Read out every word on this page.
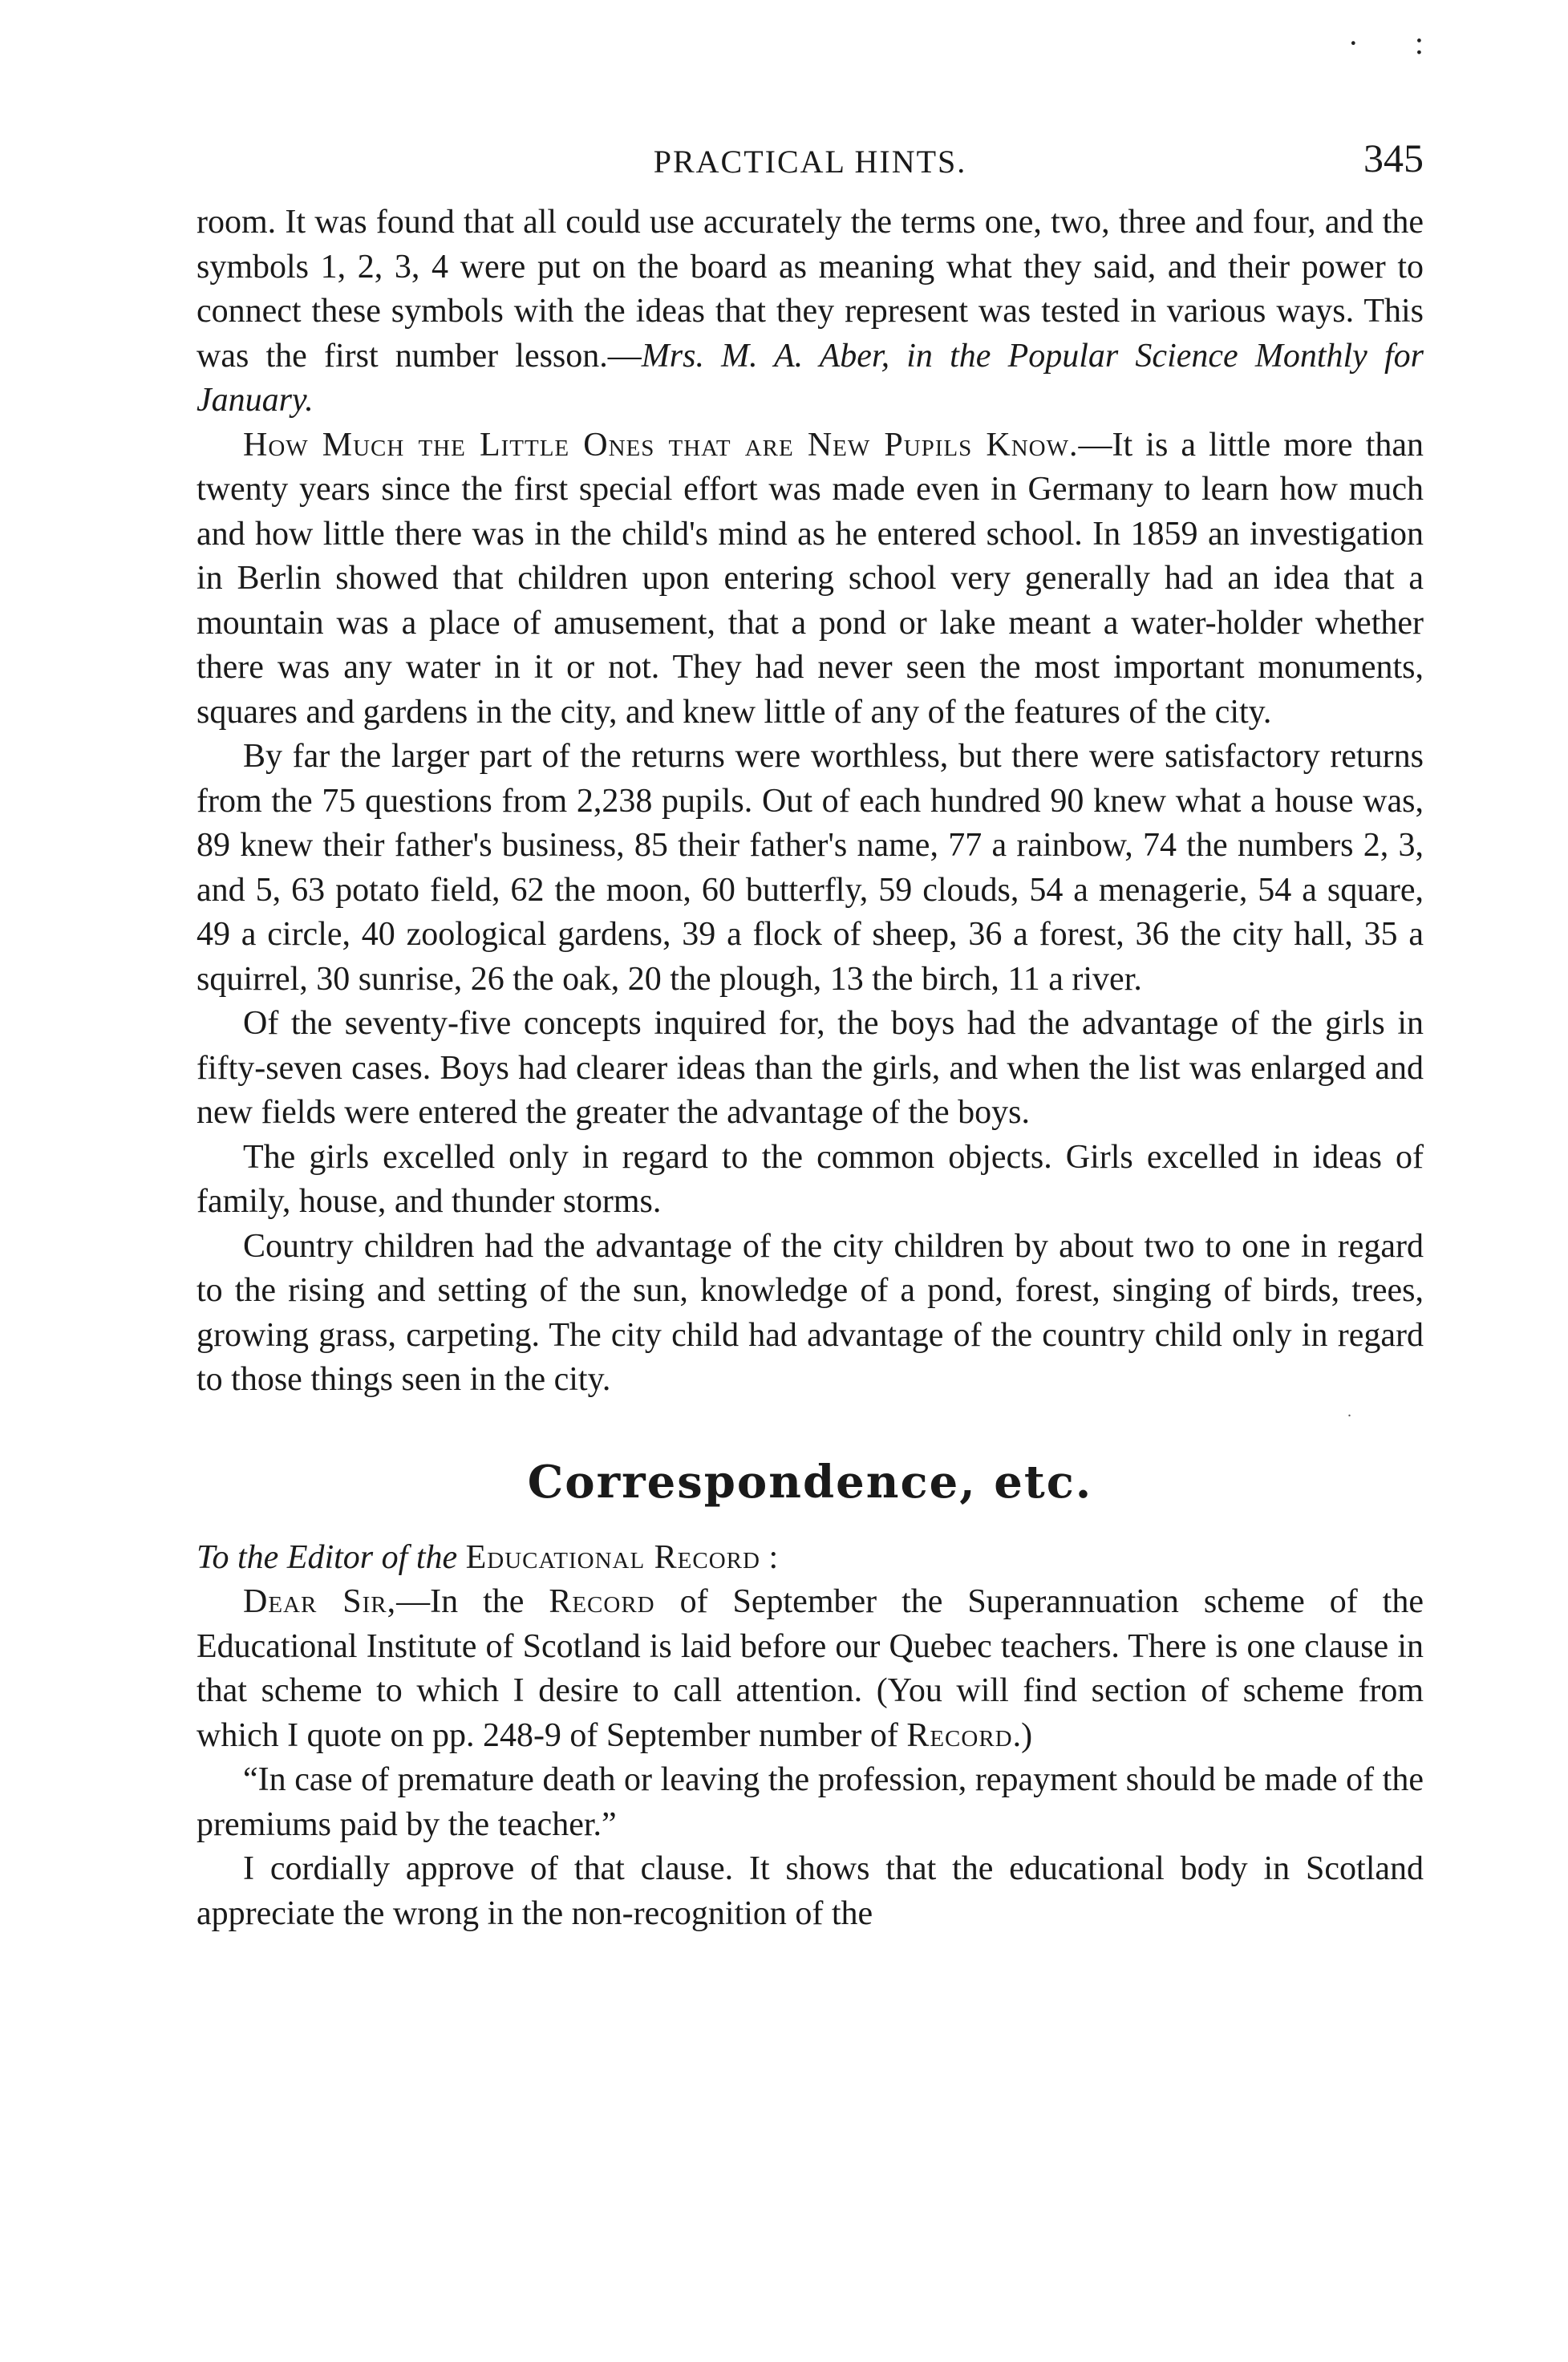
· :
PRACTICAL HINTS.	345

room. It was found that all could use accurately the terms one, two, three and four, and the symbols 1, 2, 3, 4 were put on the board as meaning what they said, and their power to connect these symbols with the ideas that they represent was tested in various ways. This was the first number lesson.—Mrs. M. A. Aber, in the Popular Science Monthly for January.

How Much the Little Ones that are New Pupils Know.—It is a little more than twenty years since the first special effort was made even in Germany to learn how much and how little there was in the child's mind as he entered school. In 1859 an investigation in Berlin showed that children upon entering school very generally had an idea that a mountain was a place of amusement, that a pond or lake meant a water-holder whether there was any water in it or not. They had never seen the most important monuments, squares and gardens in the city, and knew little of any of the features of the city.

By far the larger part of the returns were worthless, but there were satisfactory returns from the 75 questions from 2,238 pupils. Out of each hundred 90 knew what a house was, 89 knew their father's business, 85 their father's name, 77 a rainbow, 74 the numbers 2, 3, and 5, 63 potato field, 62 the moon, 60 butterfly, 59 clouds, 54 a menagerie, 54 a square, 49 a circle, 40 zoological gardens, 39 a flock of sheep, 36 a forest, 36 the city hall, 35 a squirrel, 30 sunrise, 26 the oak, 20 the plough, 13 the birch, 11 a river.

Of the seventy-five concepts inquired for, the boys had the advantage of the girls in fifty-seven cases. Boys had clearer ideas than the girls, and when the list was enlarged and new fields were entered the greater the advantage of the boys.

The girls excelled only in regard to the common objects. Girls excelled in ideas of family, house, and thunder storms.

Country children had the advantage of the city children by about two to one in regard to the rising and setting of the sun, knowledge of a pond, forest, singing of birds, trees, growing grass, carpeting. The city child had advantage of the country child only in regard to those things seen in the city.

.
Correspondence, etc.

To the Editor of the Educational Record :

Dear Sir,—In the Record of September the Superannuation scheme of the Educational Institute of Scotland is laid before our Quebec teachers. There is one clause in that scheme to which I desire to call attention. (You will find section of scheme from which I quote on pp. 248-9 of September number of Record.)

“In case of premature death or leaving the profession, repayment should be made of the premiums paid by the teacher.”

I cordially approve of that clause. It shows that the educational body in Scotland appreciate the wrong in the non-recognition of the
